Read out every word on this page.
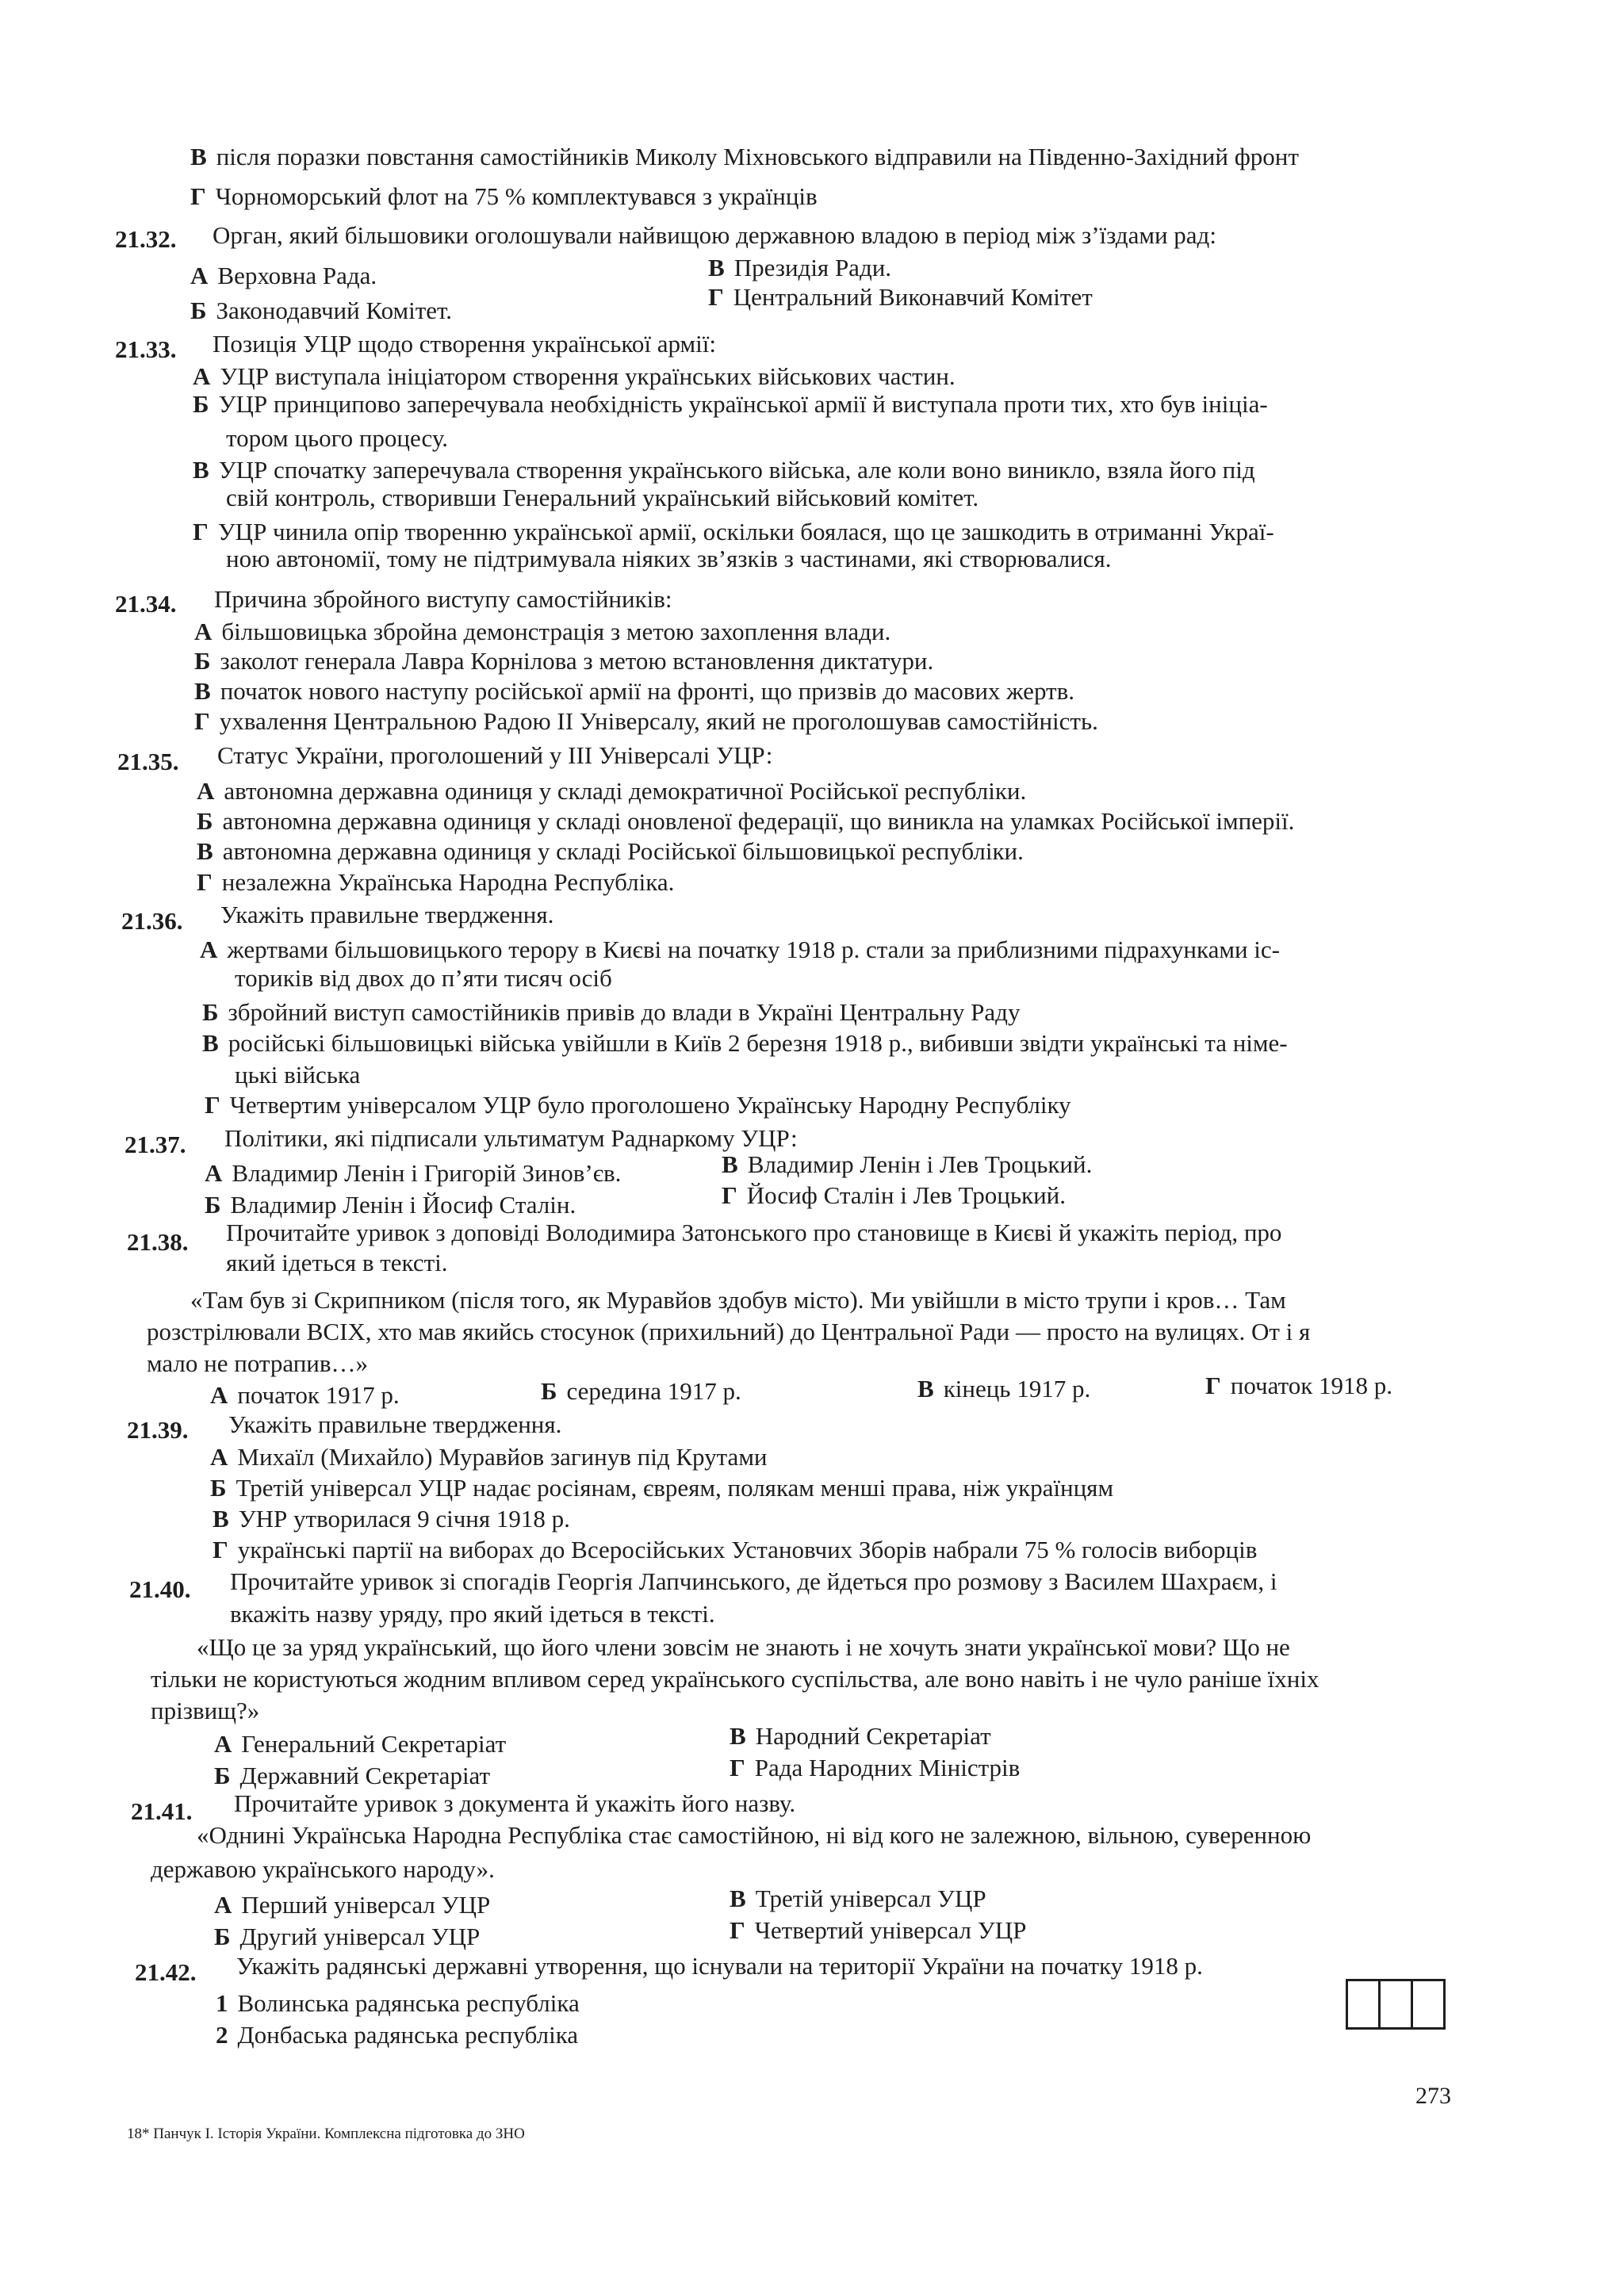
В після поразки повстання самостійників Миколу Міхновського відправили на Південно-Західний фронт
Г Чорноморський флот на 75 % комплектувався з українців
21.32. Орган, який більшовики оголошували найвищою державною владою в період між з’їздами рад:
А Верховна Рада.	В Президія Ради.
Б Законодавчий Комітет.	Г Центральний Виконавчий Комітет
21.33. Позиція УЦР щодо створення української армії:
А УЦР виступала ініціатором створення українських військових частин.
Б УЦР принципово заперечувала необхідність української армії й виступала проти тих, хто був ініціа-
тором цього процесу.
В УЦР спочатку заперечувала створення українського війська, але коли воно виникло, взяла його під
свій контроль, створивши Генеральний український військовий комітет.
Г УЦР чинила опір творенню української армії, оскільки боялася, що це зашкодить в отриманні Украї-
ною автономії, тому не підтримувала ніяких зв’язків з частинами, які створювалися.
21.34. Причина збройного виступу самостійників:
А більшовицька збройна демонстрація з метою захоплення влади.
Б заколот генерала Лавра Корнілова з метою встановлення диктатури.
В початок нового наступу російської армії на фронті, що призвів до масових жертв.
Г ухвалення Центральною Радою II Універсалу, який не проголошував самостійність.
21.35. Статус України, проголошений у III Універсалі УЦР:
А автономна державна одиниця у складі демократичної Російської республіки.
Б автономна державна одиниця у складі оновленої федерації, що виникла на уламках Російської імперії.
В автономна державна одиниця у складі Російської більшовицької республіки.
Г незалежна Українська Народна Республіка.
21.36. Укажіть правильне твердження.
А жертвами більшовицького терору в Києві на початку 1918 р. стали за приблизними підрахунками іс-
ториків від двох до п’яти тисяч осіб
Б збройний виступ самостійників привів до влади в Україні Центральну Раду
В російські більшовицькі війська увійшли в Київ 2 березня 1918 р., вибивши звідти українські та німе-
цькі війська
Г Четвертим універсалом УЦР було проголошено Українську Народну Республіку
21.37. Політики, які підписали ультиматум Раднаркому УЦР:
А Владимир Ленін і Григорій Зинов’єв.	В Владимир Ленін і Лев Троцький.
Б Владимир Ленін і Йосиф Сталін.	Г Йосиф Сталін і Лев Троцький.
21.38. Прочитайте уривок з доповіді Володимира Затонського про становище в Києві й укажіть період, про
який ідеться в тексті.
«Там був зі Скрипником (після того, як Муравйов здобув місто). Ми увійшли в місто трупи і кров… Там
розстрілювали ВСІХ, хто мав якийсь стосунок (прихильний) до Центральної Ради — просто на вулицях. От і я
мало не потрапив…»
А початок 1917 р.	Б середина 1917 р.	В кінець 1917 р.	Г початок 1918 р.
21.39. Укажіть правильне твердження.
А Михаїл (Михайло) Муравйов загинув під Крутами
Б Третій універсал УЦР надає росіянам, євреям, полякам менші права, ніж українцям
В УНР утворилася 9 січня 1918 р.
Г українські партії на виборах до Всеросійських Установчих Зборів набрали 75 % голосів виборців
21.40. Прочитайте уривок зі спогадів Георгія Лапчинського, де йдеться про розмову з Василем Шахраєм, і
вкажіть назву уряду, про який ідеться в тексті.
«Що це за уряд український, що його члени зовсім не знають і не хочуть знати української мови? Що не
тільки не користуються жодним впливом серед українського суспільства, але воно навіть і не чуло раніше їхніх
прізвищ?»
А Генеральний Секретаріат	В Народний Секретаріат
Б Державний Секретаріат	Г Рада Народних Міністрів
21.41. Прочитайте уривок з документа й укажіть його назву.
«Однині Українська Народна Республіка стає самостійною, ні від кого не залежною, вільною, суверенною
державою українського народу».
А Перший універсал УЦР	В Третій універсал УЦР
Б Другий універсал УЦР	Г Четвертий універсал УЦР
21.42. Укажіть радянські державні утворення, що існували на території України на початку 1918 р.
1 Волинська радянська республіка
2 Донбаська радянська республіка
273
18* Панчук І. Історія України. Комплексна підготовка до ЗНО
